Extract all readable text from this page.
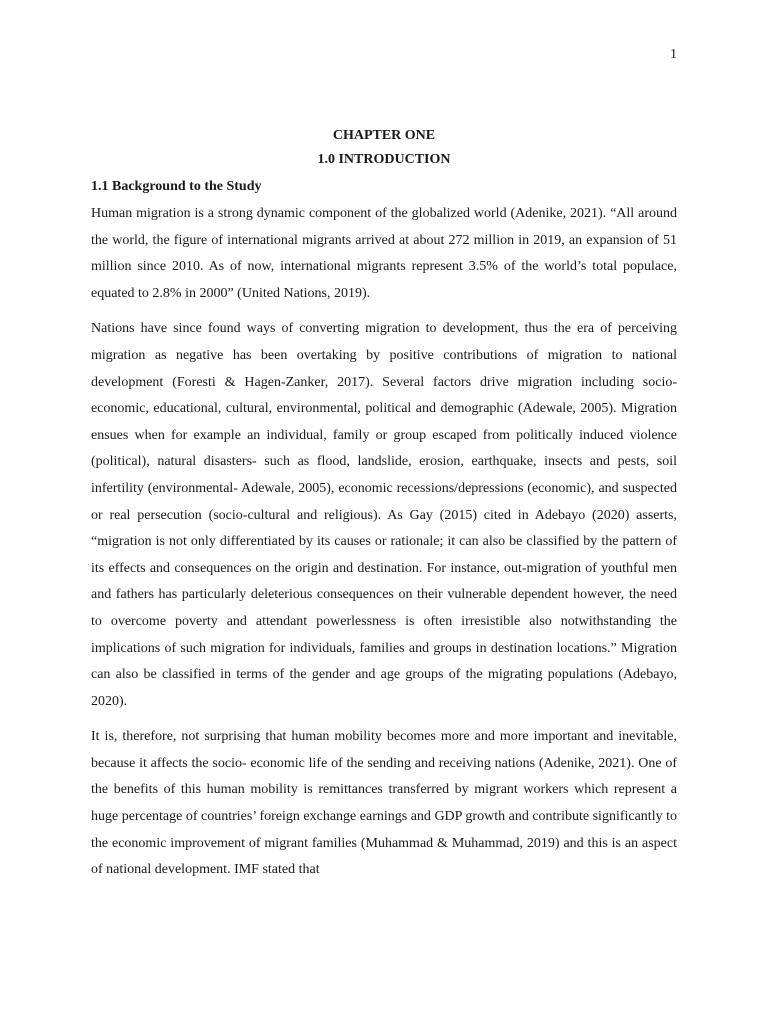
1
CHAPTER ONE
1.0 INTRODUCTION
1.1 Background to the Study

Human migration is a strong dynamic component of the globalized world (Adenike, 2021). “All around the world, the figure of international migrants arrived at about 272 million in 2019, an expansion of 51 million since 2010. As of now, international migrants represent 3.5% of the world’s total populace, equated to 2.8% in 2000” (United Nations, 2019).

Nations have since found ways of converting migration to development, thus the era of perceiving migration as negative has been overtaking by positive contributions of migration to national development (Foresti & Hagen-Zanker, 2017). Several factors drive migration including socio-economic, educational, cultural, environmental, political and demographic (Adewale, 2005). Migration ensues when for example an individual, family or group escaped from politically induced violence (political), natural disasters- such as flood, landslide, erosion, earthquake, insects and pests, soil infertility (environmental- Adewale, 2005), economic recessions/depressions (economic), and suspected or real persecution (socio-cultural and religious). As Gay (2015) cited in Adebayo (2020) asserts, “migration is not only differentiated by its causes or rationale; it can also be classified by the pattern of its effects and consequences on the origin and destination. For instance, out-migration of youthful men and fathers has particularly deleterious consequences on their vulnerable dependent however, the need to overcome poverty and attendant powerlessness is often irresistible also notwithstanding the implications of such migration for individuals, families and groups in destination locations.” Migration can also be classified in terms of the gender and age groups of the migrating populations (Adebayo, 2020).

It is, therefore, not surprising that human mobility becomes more and more important and inevitable, because it affects the socio- economic life of the sending and receiving nations (Adenike, 2021). One of the benefits of this human mobility is remittances transferred by migrant workers which represent a huge percentage of countries’ foreign exchange earnings and GDP growth and contribute significantly to the economic improvement of migrant families (Muhammad & Muhammad, 2019) and this is an aspect of national development. IMF stated that
